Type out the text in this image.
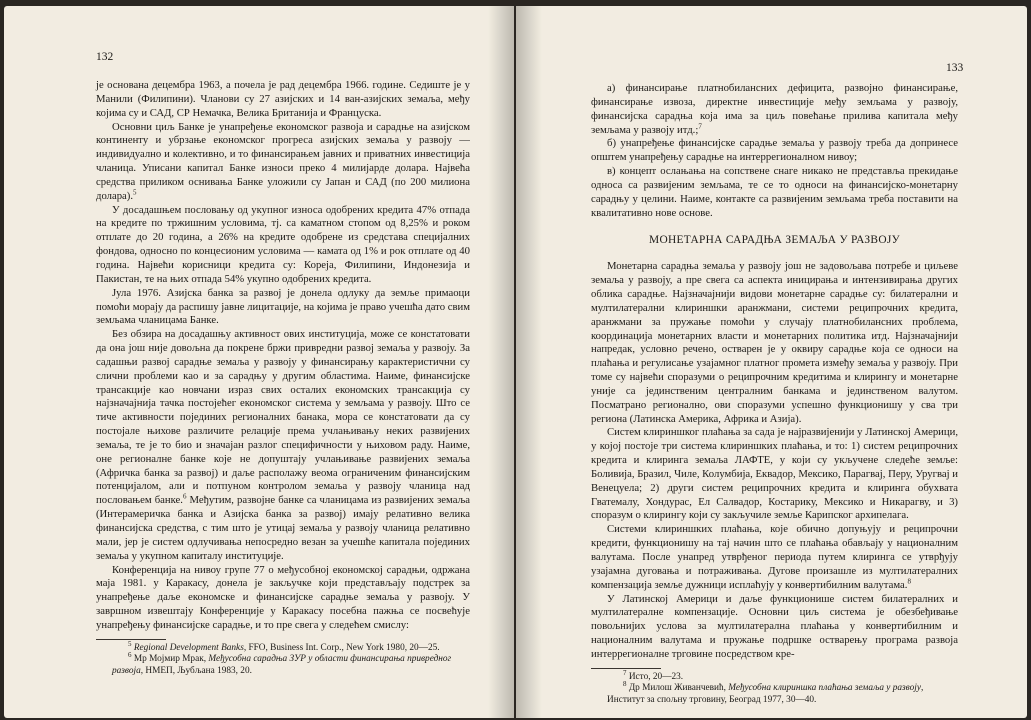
132

је основана децембра 1963, а почела је рад децембра 1966. године. Седиште је у Манили (Филипини). Чланови су 27 азијских и 14 ван-азијских земаља, међу којима су и САД, СР Немачка, Велика Британија и Француска.

Основни циљ Банке је унапређење економског развоја и сарадње на азијском континенту и убрзање економског прогреса азијских земаља у развоју — индивидуално и колективно, и то финансирањем јавних и приватних инвестиција чланица. Уписани капитал Банке износи преко 4 милијарде долара. Највећа средства приликом оснивања Банке уложили су Јапан и САД (по 200 милиона долара).$^5$

У досадашњем пословању од укупног износа одобрених кредита 47% отпада на кредите по тржишним условима, тј. са каматном стопом од 8,25% и роком отплате до 20 година, а 26% на кредите одобрене из средстава специјалних фондова, односно по концесионим условима — камата од 1% и рок отплате од 40 година. Највећи корисници кредита су: Кореја, Филипини, Индонезија и Пакистан, те на њих отпада 54% укупно одобрених кредита.

Јула 1976. Азијска банка за развој је донела одлуку да земље примаоци помоћи морају да распишу јавне лицитације, на којима је право учешћа дато свим земљама чланицама Банке.

Без обзира на досадашњу активност ових институција, може се констатовати да она још није довољна да покрене бржи привредни развој земаља у развоју. За садашњи развој сарадње земаља у развоју у финансирању карактеристични су слични проблеми као и за сарадњу у другим областима. Наиме, финансијске трансакције као новчани израз свих осталих економских трансакција су најзначајнија тачка постојећег економског система у земљама у развоју. Што се тиче активности појединих регионалних банака, мора се констатовати да су постојале њихове различите релације према учлањивању неких развијених земаља, те је то био и значајан разлог специфичности у њиховом раду. Наиме, оне регионалне банке које не допуштају учлањивање развијених земаља (Афричка банка за развој) и даље располажу веома ограниченим финансијским потенцијалом, али и потпуном контролом земаља у развоју чланица над пословањем банке.$^6$ Међутим, развојне банке са чланицама из развијених земаља (Интерамеричка банка и Азијска банка за развој) имају релативно велика финансијска средства, с тим што је утицај земаља у развоју чланица релативно мали, јер је систем одлучивања непосредно везан за учешће капитала појединих земаља у укупном капиталу институције.

Конференција на нивоу групе 77 о међусобној економској сарадњи, одржана маја 1981. у Каракасу, донела је закључке који представљају подстрек за унапређење даље економске и финансијске сарадње земаља у развоју. У завршном извештају Конференције у Каракасу посебна пажња се посвећује унапређењу финансијске сарадње, и то пре свега у следећем смислу:

$^5$ Regional Development Banks, FFO, Business Int. Corp., New York 1980, 20—25.

$^6$ Мр Мојмир Мрак, Међусобна сарадња ЗУР у области финансирања привредног развоја, НМЕП, Љубљана 1983, 20.

133

а) финансирање платнобилансних дефицита, развојно финансирање, финансирање извоза, директне инвестиције међу земљама у развоју, финансијска сарадња која има за циљ повећање прилива капитала међу земљама у развоју итд.;$^7$

б) унапређење финансијске сарадње земаља у развоју треба да допринесе општем унапређењу сарадње на интеррегионалном нивоу;

в) концепт ослањања на сопствене снаге никако не представља прекидање односа са развијеним земљама, те се то односи на финансијско-монетарну сарадњу у целини. Наиме, контакте са развијеним земљама треба поставити на квалитативно нове основе.

МОНЕТАРНА САРАДЊА ЗЕМАЉА У РАЗВОЈУ

Монетарна сарадња земаља у развоју још не задовољава потребе и циљеве земаља у развоју, а пре свега са аспекта иницирања и интензивирања других облика сарадње. Најзначајнији видови монетарне сарадње су: билатерални и мултилатерални клириншки аранжмани, системи реципрочних кредита, аранжмани за пружање помоћи у случају платнобилансних проблема, координација монетарних власти и монетарних политика итд. Најзначајнији напредак, условно речено, остварен је у оквиру сарадње која се односи на плаћања и регулисање узајамног платног промета између земаља у развоју. При томе су највећи споразуми о реципрочним кредитима и клирингу и монетарне уније са јединственим централним банкама и јединственом валутом. Посматрано регионално, ови споразуми успешно функционишу у сва три региона (Латинска Америка, Африка и Азија).

Систем клириншког плаћања за сада је најразвијенији у Латинској Америци, у којој постоје три система клириншких плаћања, и то: 1) систем реципрочних кредита и клиринга земаља ЛАФТЕ, у који су укључене следеће земље: Боливија, Бразил, Чиле, Колумбија, Еквадор, Мексико, Парагвај, Перу, Уругвај и Венецуела; 2) други систем реципрочних кредита и клиринга обухвата Гватемалу, Хондурас, Ел Салвадор, Костарику, Мексико и Никарагву, и 3) споразум о клирингу који су закључиле земље Карипског архипелага.

Системи клириншких плаћања, које обично допуњују и реципрочни кредити, функционишу на тај начин што се плаћања обављају у националним валутама. После унапред утврђеног периода путем клиринга се утврђују узајамна дуговања и потраживања. Дугове произашле из мултилатералних компензација земље дужници исплаћују у конвертибилним валутама.$^8$

У Латинској Америци и даље функционише систем билатералних и мултилатералне компензације. Основни циљ система је обезбеђивање повољнијих услова за мултилатерална плаћања у конвертибилним и националним валутама и пружање подршке остварењу програма развоја интеррегионалне трговине посредством кре-

$^7$ Исто, 20—23.

$^8$ Др Милош Живанчевић, Међусобна клириншка плаћања земаља у развоју, Институт за спољну трговину, Београд 1977, 30—40.
